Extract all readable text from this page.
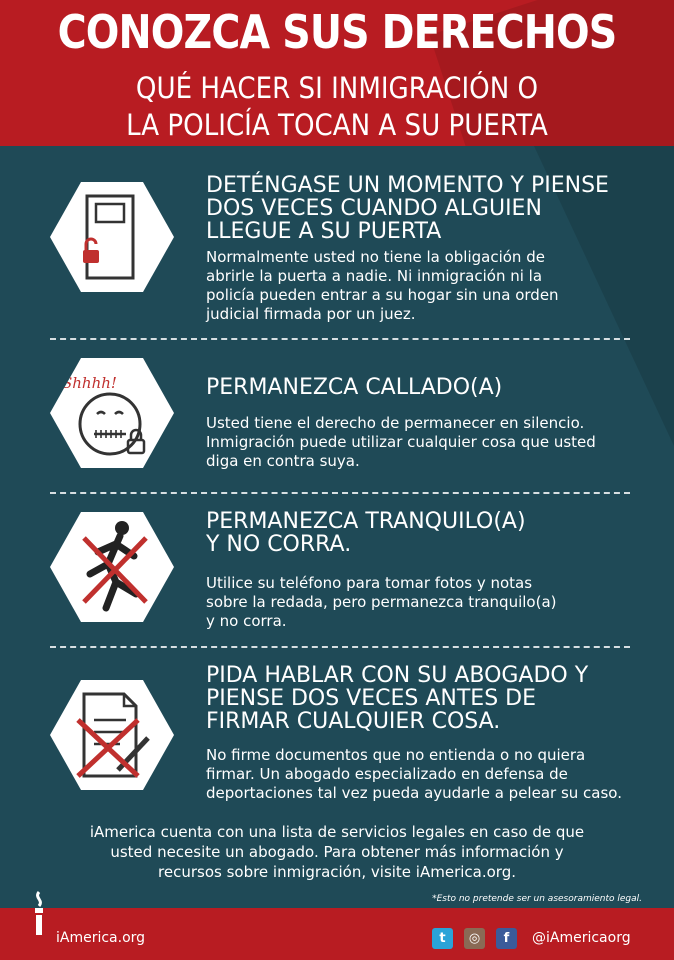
CONOZCA SUS DERECHOS
QUÉ HACER SI INMIGRACIÓN O
LA POLICÍA TOCAN A SU PUERTA
DETÉNGASE UN MOMENTO Y PIENSE
DOS VECES CUANDO ALGUIEN
LLEGUE A SU PUERTA
Normalmente usted no tiene la obligación de
abrirle la puerta a nadie. Ni inmigración ni la
policía pueden entrar a su hogar sin una orden
judicial firmada por un juez.
Shhhh!	PERMANEZCA CALLADO(A)
Usted tiene el derecho de permanecer en silencio.
Inmigración puede utilizar cualquier cosa que usted
diga en contra suya.
PERMANEZCA TRANQUILO(A)
Y NO CORRA.
Utilice su teléfono para tomar fotos y notas
sobre la redada, pero permanezca tranquilo(a)
y no corra.
PIDA HABLAR CON SU ABOGADO Y
PIENSE DOS VECES ANTES DE
FIRMAR CUALQUIER COSA.
No firme documentos que no entienda o no quiera
firmar. Un abogado especializado en defensa de
deportaciones tal vez pueda ayudarle a pelear su caso.
iAmerica cuenta con una lista de servicios legales en caso de que
usted necesite un abogado. Para obtener más información y
recursos sobre inmigración, visite iAmerica.org.
*Esto no pretende ser un asesoramiento legal.
iAmerica.org	t	◎	f	@iAmericaorg
